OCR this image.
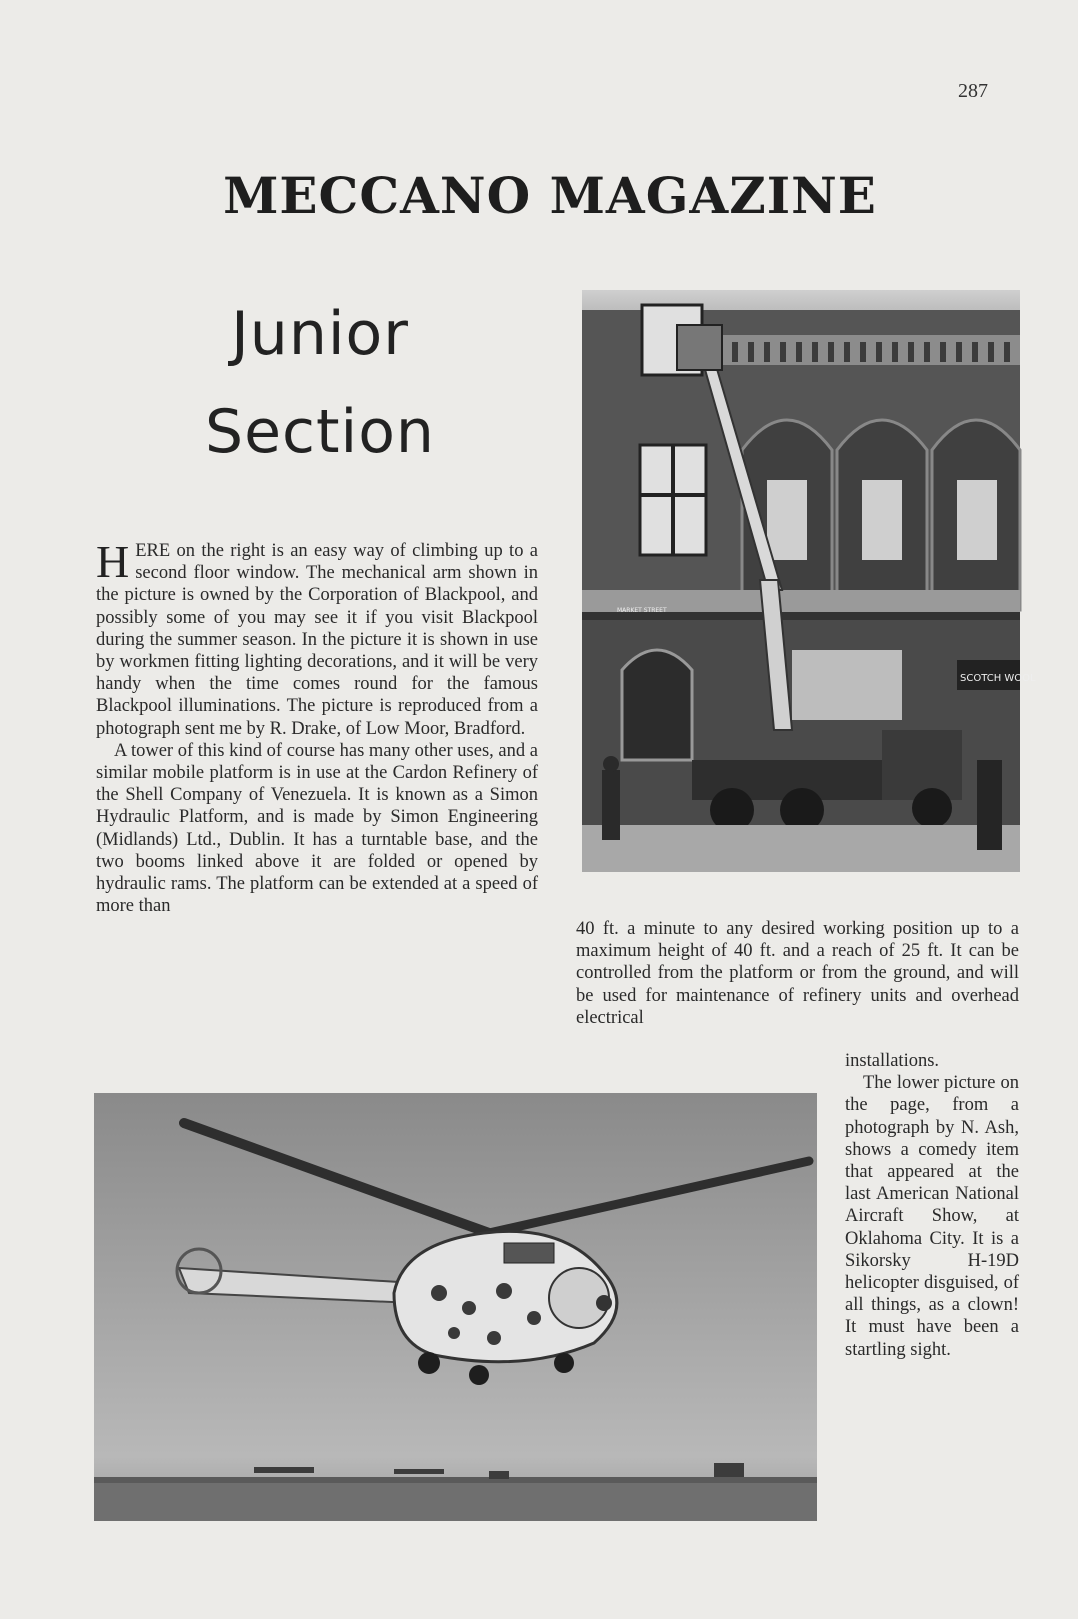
287
MECCANO MAGAZINE
Junior
Section

HERE on the right is an easy way of climbing up to a second floor window. The mechanical arm shown in the picture is owned by the Corporation of Blackpool, and possibly some of you may see it if you visit Blackpool during the summer season. In the picture it is shown in use by workmen fitting lighting decorations, and it will be very handy when the time comes round for the famous Blackpool illuminations. The picture is reproduced from a photograph sent me by R. Drake, of Low Moor, Bradford.

A tower of this kind of course has many other uses, and a similar mobile platform is in use at the Cardon Refinery of the Shell Company of Venezuela. It is known as a Simon Hydraulic Platform, and is made by Simon Engineering (Midlands) Ltd., Dublin. It has a turntable base, and the two booms linked above it are folded or opened by hydraulic rams. The platform can be extended at a speed of more than

40 ft. a minute to any desired working position up to a maximum height of 40 ft. and a reach of 25 ft. It can be controlled from the platform or from the ground, and will be used for maintenance of refinery units and overhead electrical

installations.

The lower picture on the page, from a photograph by N. Ash, shows a comedy item that appeared at the last American National Aircraft Show, at Oklahoma City. It is a Sikorsky H-19D helicopter disguised, of all things, as a clown! It must have been a startling sight.

SCOTCH WOOL
MARKET STREET
